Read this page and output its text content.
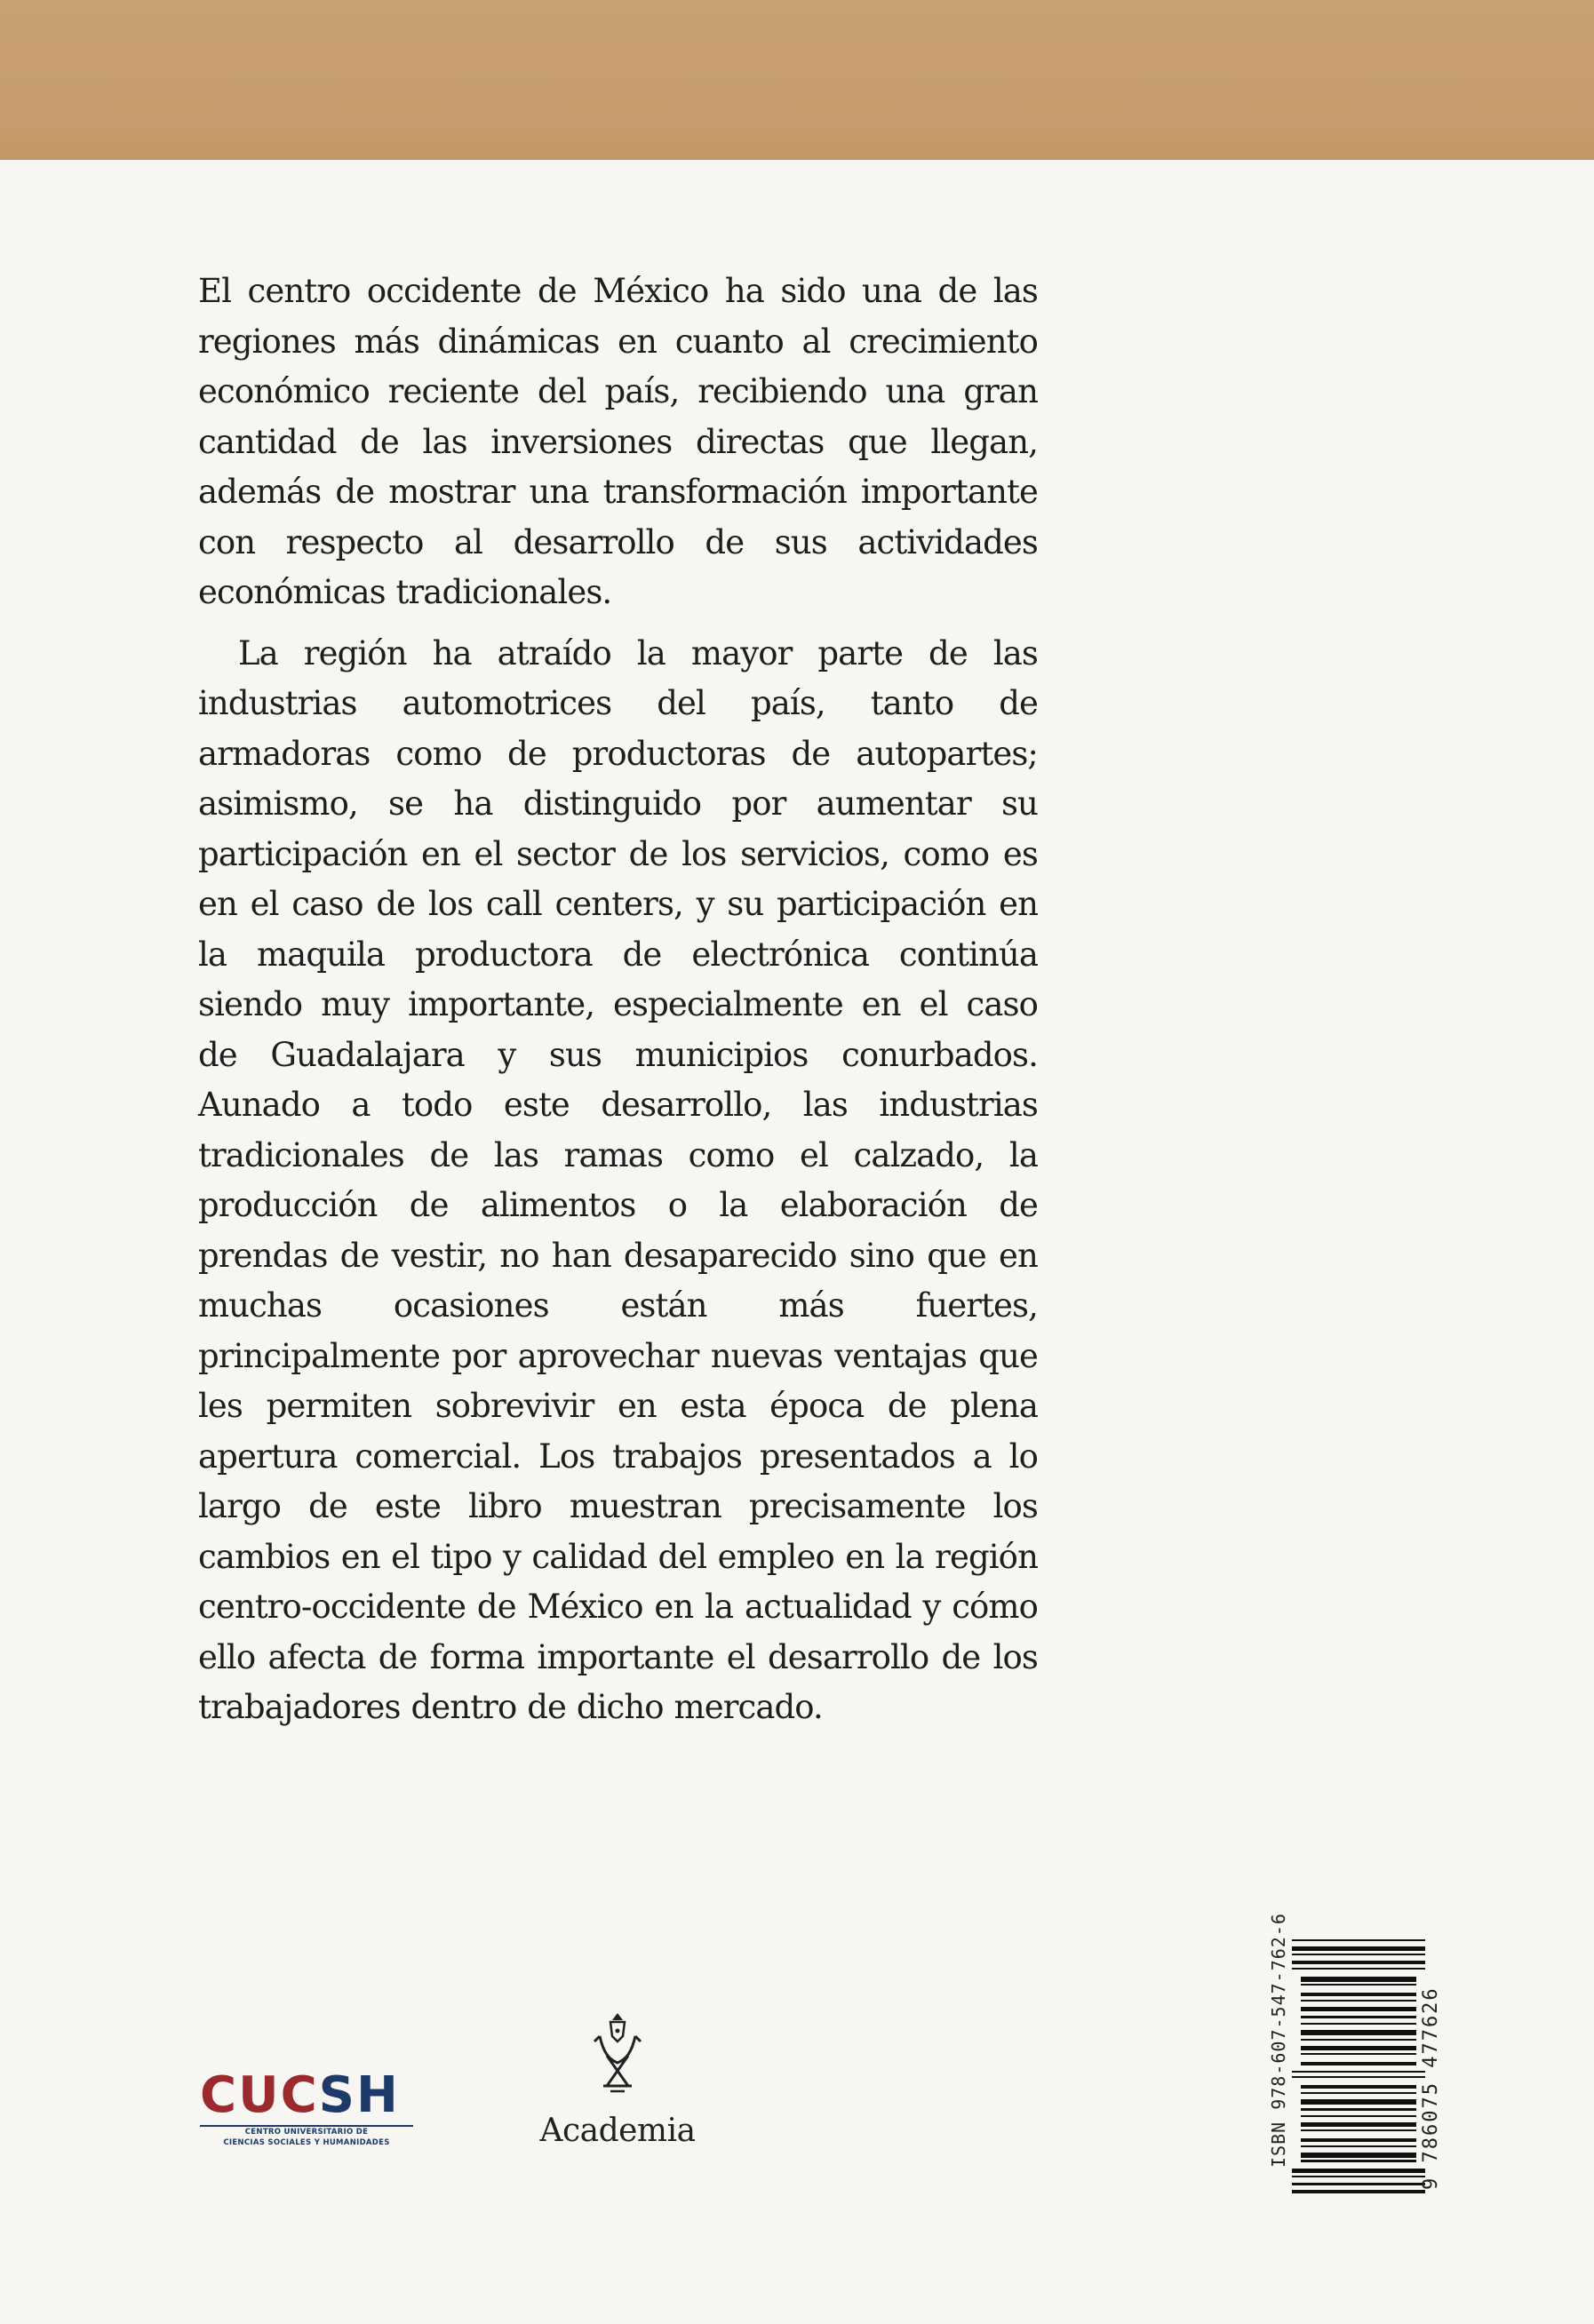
El centro occidente de México ha sido una de las regiones más dinámicas en cuanto al crecimiento económico reciente del país, recibiendo una gran cantidad de las inversiones directas que llegan, además de mostrar una transformación importante con respecto al desarrollo de sus actividades económicas tradicionales.

La región ha atraído la mayor parte de las industrias automotrices del país, tanto de armadoras como de productoras de autopartes; asimismo, se ha distinguido por aumentar su participación en el sector de los servicios, como es en el caso de los call centers, y su participación en la maquila productora de electrónica continúa siendo muy importante, especialmente en el caso de Guadalajara y sus municipios conurbados. Aunado a todo este desarrollo, las industrias tradicionales de las ramas como el calzado, la producción de alimentos o la elaboración de prendas de vestir, no han desaparecido sino que en muchas ocasiones están más fuertes, principalmente por aprovechar nuevas ventajas que les permiten sobrevivir en esta época de plena apertura comercial. Los trabajos presentados a lo largo de este libro muestran precisamente los cambios en el tipo y calidad del empleo en la región centro-occidente de México en la actualidad y cómo ello afecta de forma importante el desarrollo de los trabajadores dentro de dicho mercado.

CUC SH
CENTRO UNIVERSITARIO DE
CIENCIAS SOCIALES Y HUMANIDADES	Academia	ISBN 978-607-547-762-6	9 786075 477626
